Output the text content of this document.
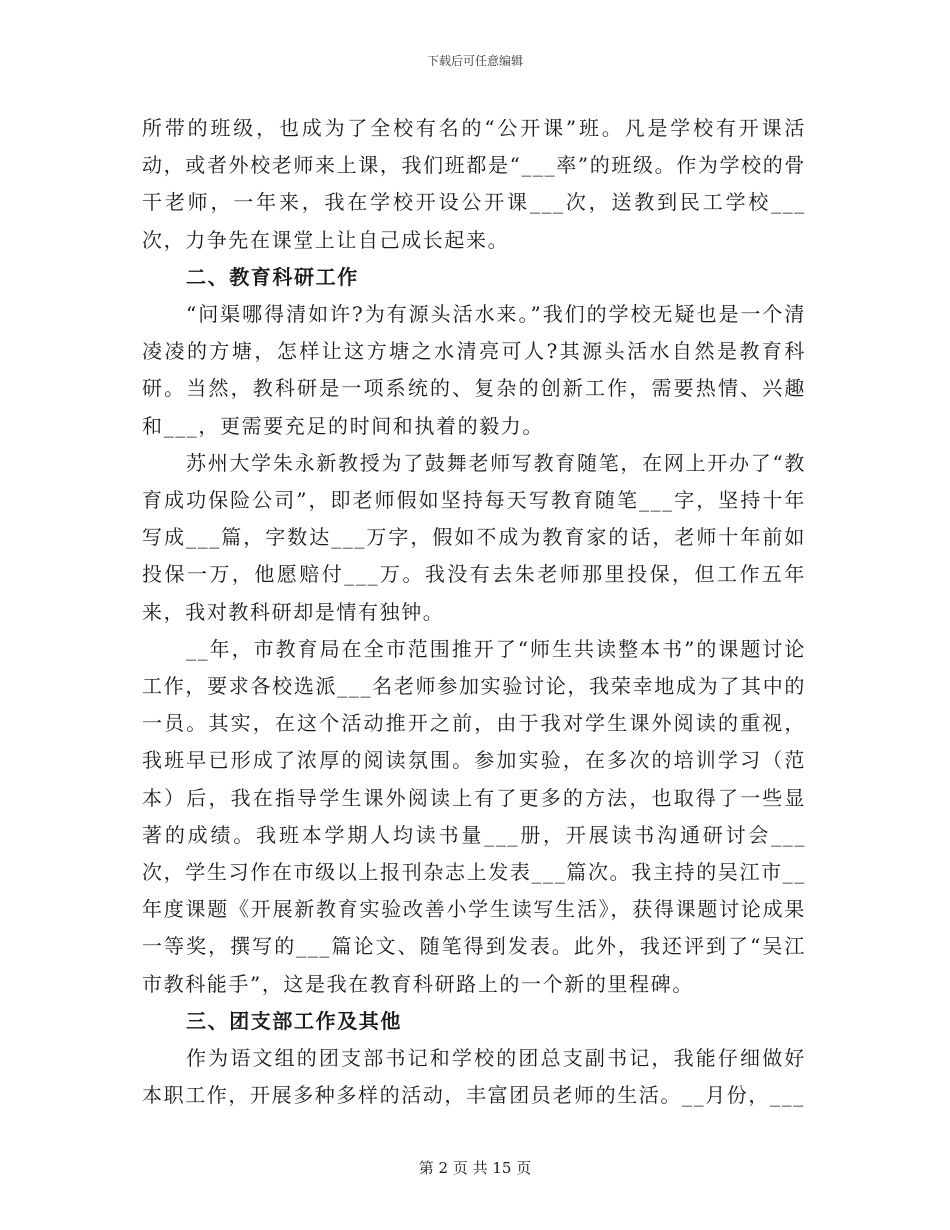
下载后可任意编辑

所带的班级，也成为了全校有名的“公开课”班。凡是学校有开课活动，或者外校老师来上课，我们班都是“___率”的班级。作为学校的骨干老师，一年来，我在学校开设公开课___次，送教到民工学校___次，力争先在课堂上让自己成长起来。

二、教育科研工作

“问渠哪得清如许?为有源头活水来。”我们的学校无疑也是一个清凌凌的方塘，怎样让这方塘之水清亮可人?其源头活水自然是教育科研。当然，教科研是一项系统的、复杂的创新工作，需要热情、兴趣和___，更需要充足的时间和执着的毅力。

苏州大学朱永新教授为了鼓舞老师写教育随笔，在网上开办了“教育成功保险公司”，即老师假如坚持每天写教育随笔___字，坚持十年写成___篇，字数达___万字，假如不成为教育家的话，老师十年前如投保一万，他愿赔付___万。我没有去朱老师那里投保，但工作五年来，我对教科研却是情有独钟。

__年，市教育局在全市范围推开了“师生共读整本书”的课题讨论工作，要求各校选派___名老师参加实验讨论，我荣幸地成为了其中的一员。其实，在这个活动推开之前，由于我对学生课外阅读的重视，我班早已形成了浓厚的阅读氛围。参加实验，在多次的培训学习（范本）后，我在指导学生课外阅读上有了更多的方法，也取得了一些显著的成绩。我班本学期人均读书量___册，开展读书沟通研讨会___次，学生习作在市级以上报刊杂志上发表___篇次。我主持的吴江市__年度课题《开展新教育实验改善小学生读写生活》，获得课题讨论成果一等奖，撰写的___篇论文、随笔得到发表。此外，我还评到了“吴江市教科能手”，这是我在教育科研路上的一个新的里程碑。

三、团支部工作及其他

作为语文组的团支部书记和学校的团总支副书记，我能仔细做好本职工作，开展多种多样的活动，丰富团员老师的生活。__月份，___

第 2 页 共 15 页
